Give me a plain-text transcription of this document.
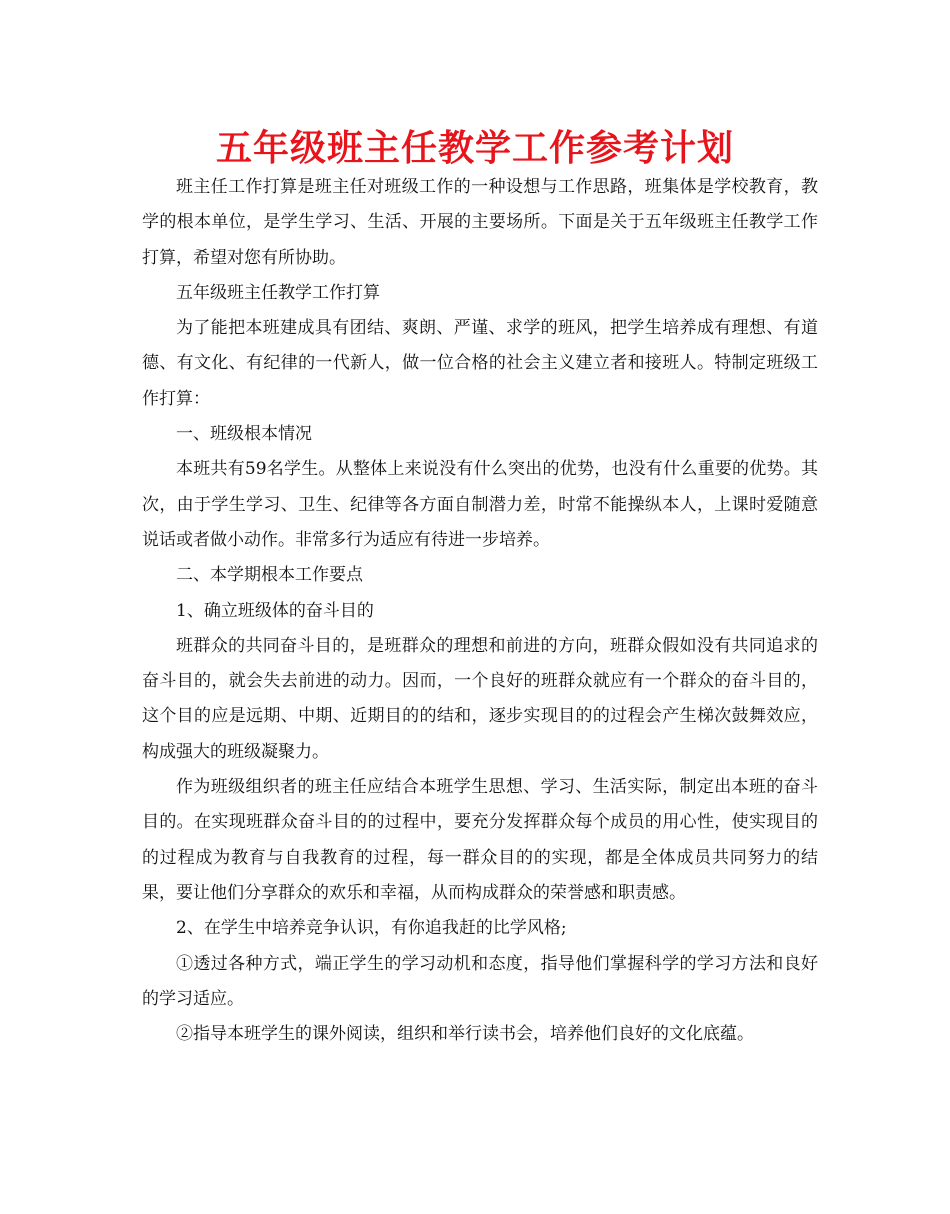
五年级班主任教学工作参考计划

班主任工作打算是班主任对班级工作的一种设想与工作思路，班集体是学校教育，教学的根本单位，是学生学习、生活、开展的主要场所。下面是关于五年级班主任教学工作打算，希望对您有所协助。

五年级班主任教学工作打算

为了能把本班建成具有团结、爽朗、严谨、求学的班风，把学生培养成有理想、有道德、有文化、有纪律的一代新人，做一位合格的社会主义建立者和接班人。特制定班级工作打算：

一、班级根本情况

本班共有59名学生。从整体上来说没有什么突出的优势，也没有什么重要的优势。其次，由于学生学习、卫生、纪律等各方面自制潜力差，时常不能操纵本人，上课时爱随意说话或者做小动作。非常多行为适应有待进一步培养。

二、本学期根本工作要点

1、确立班级体的奋斗目的

班群众的共同奋斗目的，是班群众的理想和前进的方向，班群众假如没有共同追求的奋斗目的，就会失去前进的动力。因而，一个良好的班群众就应有一个群众的奋斗目的，这个目的应是远期、中期、近期目的的结和，逐步实现目的的过程会产生梯次鼓舞效应，构成强大的班级凝聚力。

作为班级组织者的班主任应结合本班学生思想、学习、生活实际，制定出本班的奋斗目的。在实现班群众奋斗目的的过程中，要充分发挥群众每个成员的用心性，使实现目的的过程成为教育与自我教育的过程，每一群众目的的实现，都是全体成员共同努力的结果，要让他们分享群众的欢乐和幸福，从而构成群众的荣誉感和职责感。

2、在学生中培养竞争认识，有你追我赶的比学风格;

①透过各种方式，端正学生的学习动机和态度，指导他们掌握科学的学习方法和良好的学习适应。

②指导本班学生的课外阅读，组织和举行读书会，培养他们良好的文化底蕴。
